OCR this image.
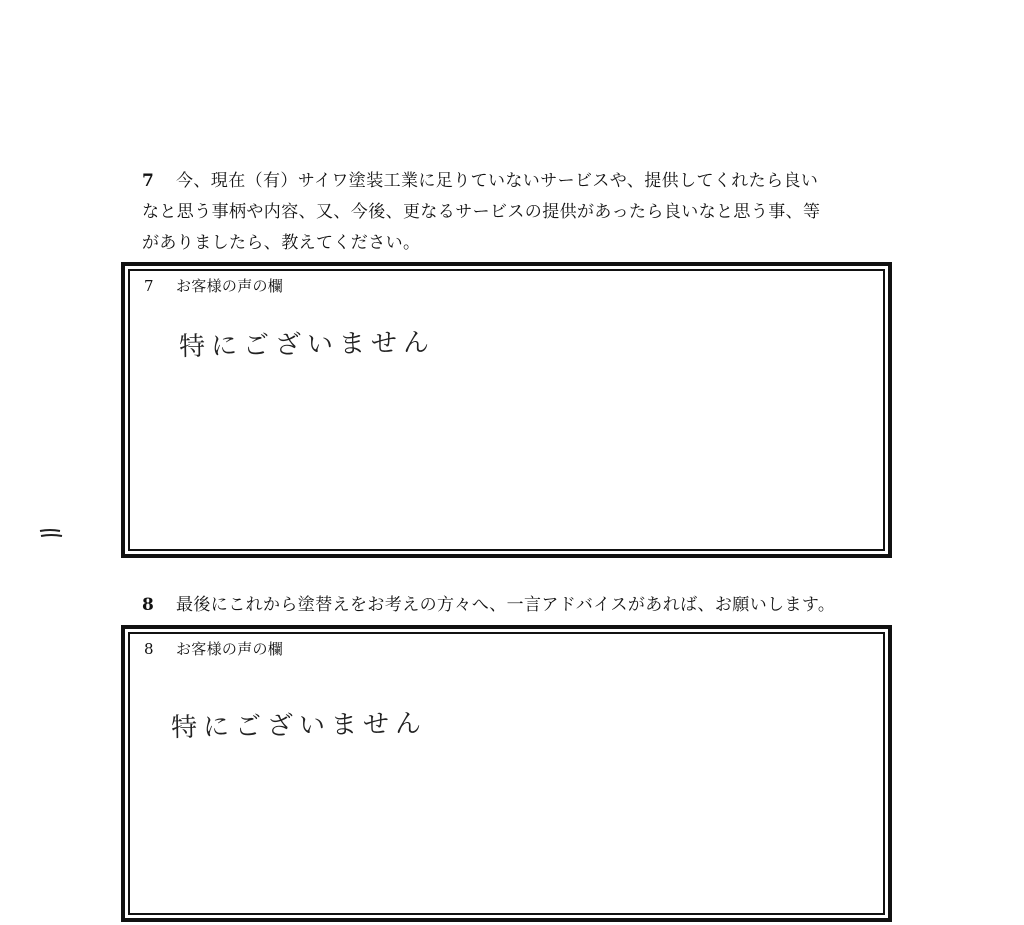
7 今、現在（有）サイワ塗装工業に足りていないサービスや、提供してくれたら良い
なと思う事柄や内容、又、今後、更なるサービスの提供があったら良いなと思う事、等
がありましたら、教えてください。
7 お客様の声の欄
特にございません
8 最後にこれから塗替えをお考えの方々へ、一言アドバイスがあれば、お願いします。
8 お客様の声の欄
特にございません
